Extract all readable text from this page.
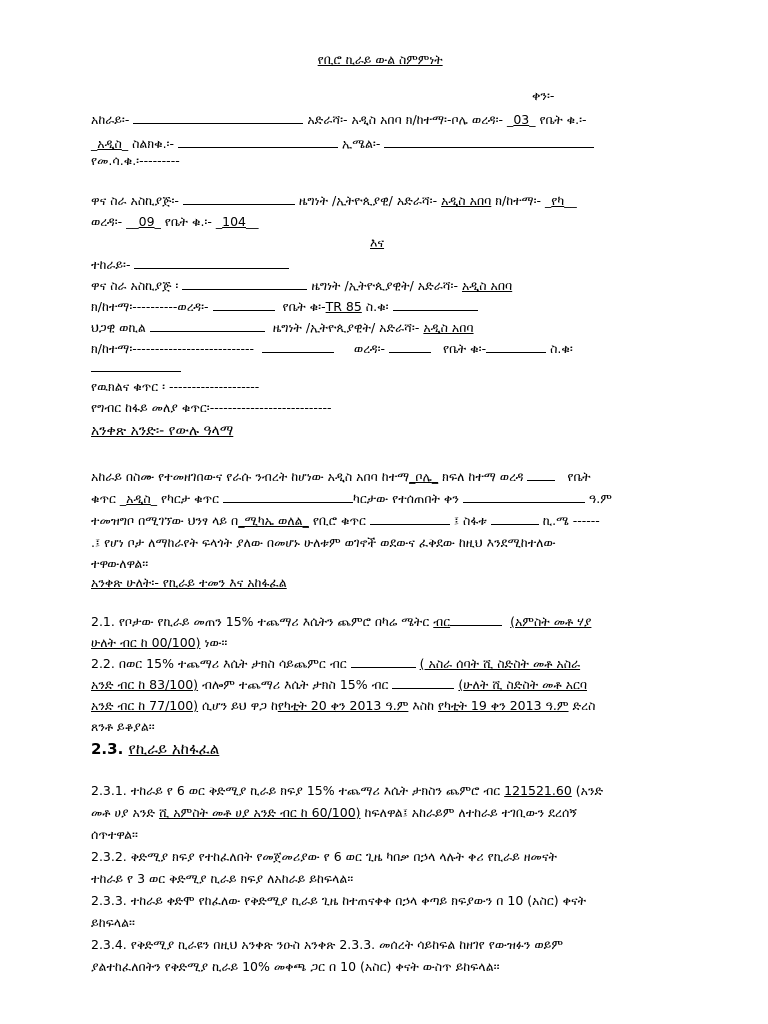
የቢሮ ኪራይ ውል ስምምነት
ቀን፡-
አከራይ፡-	አድራሻ፡- አዲስ አበባ ክ/ከተማ፡-ቦሌ ወረዳ፡- _03_ የቤት ቁ.፡-
_አዲስ_ ስልክቁ.፡-	ኢሜል፡-
የመ.ሳ.ቁ.፡---------
ዋና ስራ አስኪያጅ፡-	ዜግነት /ኢትዮጲያዊ/ አድራሻ፡- አዲስ አበባ ክ/ከተማ፡- _የካ__
ወረዳ፡- __09_ የቤት ቁ.፡- _104__
እና
ተከራይ፡-
ዋና ስራ አስኪያጅ ፡	ዜግነት /ኢትዮጲያዊት/ አድራሻ፡- አዲስ አበባ
ክ/ከተማ፡----------ወረዳ፡-	የቤት ቁ፡-TR 85 ስ.ቁ፡
ህጋዊ ወኪል	ዜግነት /ኢትዮጲያዊት/ አድራሻ፡- አዲስ አበባ
ክ/ከተማ፡---------------------------	ወረዳ፡-	የቤት ቁ፡-	ስ.ቁ፡
የዉክልና ቁጥር ፡ --------------------
የግብር ከፋይ መለያ ቁጥር፡---------------------------
አንቀጽ አንድ፡- የውሉ ዓላማ
አከራይ በስሙ የተመዘገበውና የራሱ ንብረት ከሆነው አዲስ አበባ ከተማ_ቦሌ_ ክፍለ ከተማ ወረዳ	የቤት
ቁጥር _አዲስ_ የካርታ ቁጥር	ካርታው የተሰጠበት ቀን	ዓ.ም
ተመዝግቦ በሚገኘው ህንፃ ላይ በ_ሚካኤ ወለል_ የቢሮ ቁጥር	፤ ስፋቱ	ኪ.ሜ ------
.፤ የሆነ ቦታ ለማከራየት ፍላጎት ያለው በመሆኑ ሁለቱም ወገኖች ወደውና ፈቅደው ከዚህ እንደሚከተለው
ተዋውለዋል፡፡
አንቀጽ ሁለት፡- የኪራይ ተመን እና አከፋፈል
2.1. የቦታው የኪራይ መጠን 15% ተጨማሪ እሴትን ጨምሮ በካሬ ሜትር ብር	(አምስት መቶ ሃያ
ሁለት ብር ከ 00/100) ነው፡፡
2.2. በወር 15% ተጨማሪ እሴት ታክስ ሳይጨምር ብር	( አስራ ሰባት ሺ ስድስት መቶ አስራ
አንድ ብር ከ 83/100) ብሎም ተጨማሪ እሴት ታክስ 15% ብር	(ሁለት ሺ ስድስት መቶ አርባ
አንድ ብር ከ 77/100) ሲሆን ይህ ዋጋ ከየካቲት 20 ቀን 2013 ዓ.ም እስከ የካቲት 19 ቀን 2013 ዓ.ም ድረስ
ጸንቶ ይቆያል፡፡
2.3. የኪራይ አከፋፈል
2.3.1. ተከራይ የ 6 ወር ቅድሚያ ኪራይ ክፍያ 15% ተጨማሪ እሴት ታክስን ጨምሮ ብር 121521.60 (አንድ
መቶ ሀያ አንድ ሺ አምስት መቶ ሀያ አንድ ብር ከ 60/100) ከፍለዋል፤ አከራይም ለተከራይ ተገቢውን ደረሰኝ
ሰጥተዋል፡፡
2.3.2. ቅድሚያ ክፍያ የተከፈለበት የመጀመሪያው የ 6 ወር ጊዜ ካበቃ በኃላ ላሉት ቀሪ የኪራይ ዘመናት
ተከራይ የ 3 ወር ቅድሚያ ኪራይ ክፍያ ለአከራይ ይከፍላል፡፡
2.3.3. ተከራይ ቀድሞ የከፈለው የቅድሚያ ኪራይ ጊዜ ከተጠናቀቀ በኃላ ቀጣይ ክፍያውን በ 10 (አስር) ቀናት
ይከፍላል፡፡
2.3.4. የቅድሚያ ኪራዩን በዚህ አንቀጽ ንዑስ አንቀጽ 2.3.3. መሰረት ሳይከፍል ከዘገየ የውዝፉን ወይም
ያልተከፈለበትን የቅድሚያ ኪራይ 10% መቀጫ ጋር በ 10 (አስር) ቀናት ውስጥ ይከፍላል፡፡
